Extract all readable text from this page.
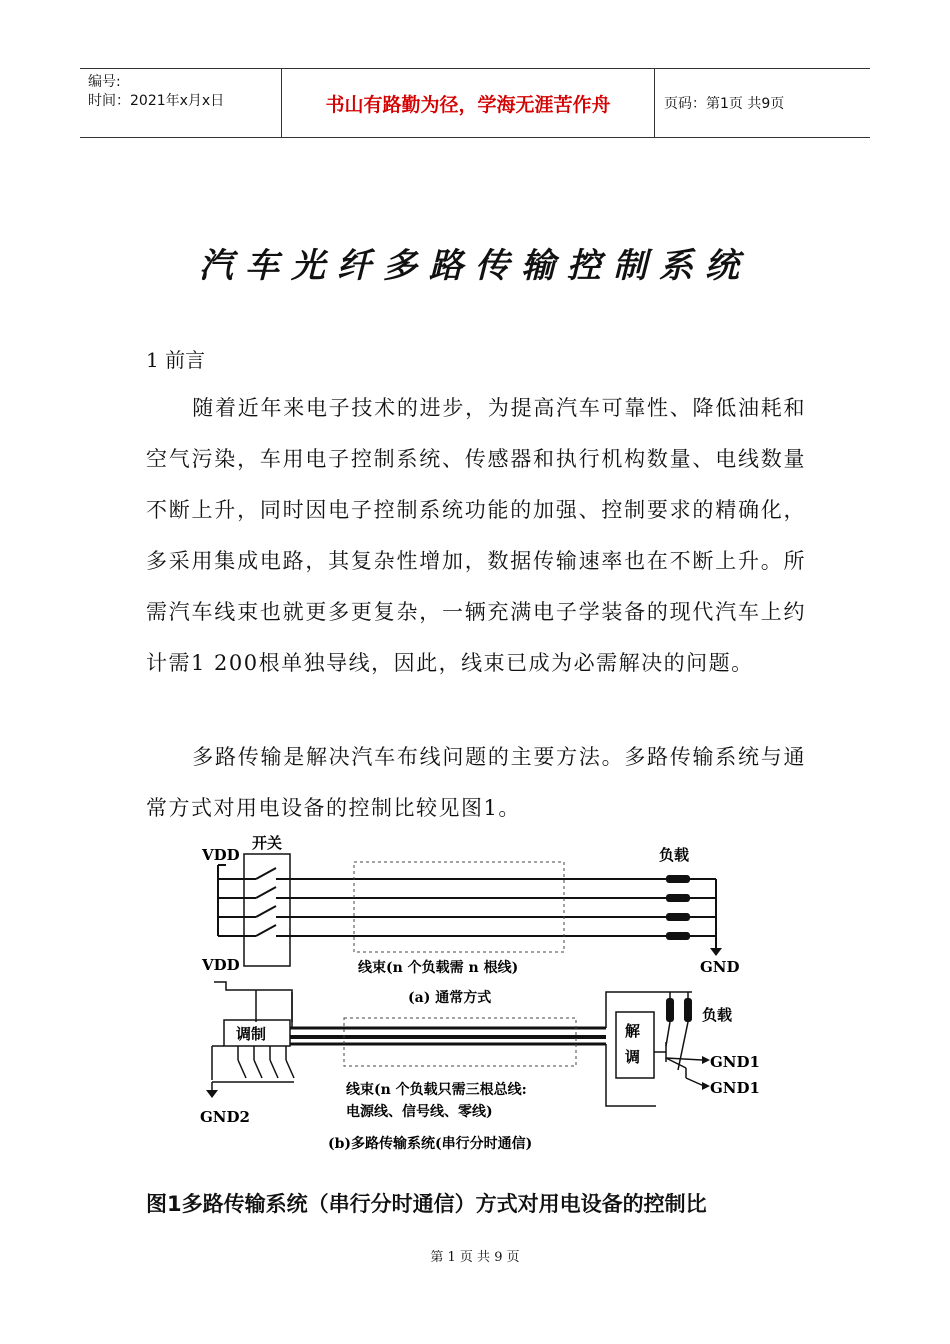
编号:
时间：2021年x月x日	书山有路勤为径，学海无涯苦作舟	页码：第1页 共9页
汽车光纤多路传输控制系统
1 前言

随着近年来电子技术的进步，为提高汽车可靠性、降低油耗和空气污染，车用电子控制系统、传感器和执行机构数量、电线数量不断上升，同时因电子控制系统功能的加强、控制要求的精确化，多采用集成电路，其复杂性增加，数据传输速率也在不断上升。所需汽车线束也就更多更复杂，一辆充满电子学装备的现代汽车上约计需1 200根单独导线，因此，线束已成为必需解决的问题。

多路传输是解决汽车布线问题的主要方法。多路传输系统与通常方式对用电设备的控制比较见图1。

VDD
开关
负载
GND
线束(n 个负载需 n 根线)
(a) 通常方式
VDD
调制
GND2
解
调
负载
GND1
GND1
线束(n 个负载只需三根总线:
电源线、信号线、零线)
(b)多路传输系统(串行分时通信)
图1多路传输系统（串行分时通信）方式对用电设备的控制比
第 1 页 共 9 页
